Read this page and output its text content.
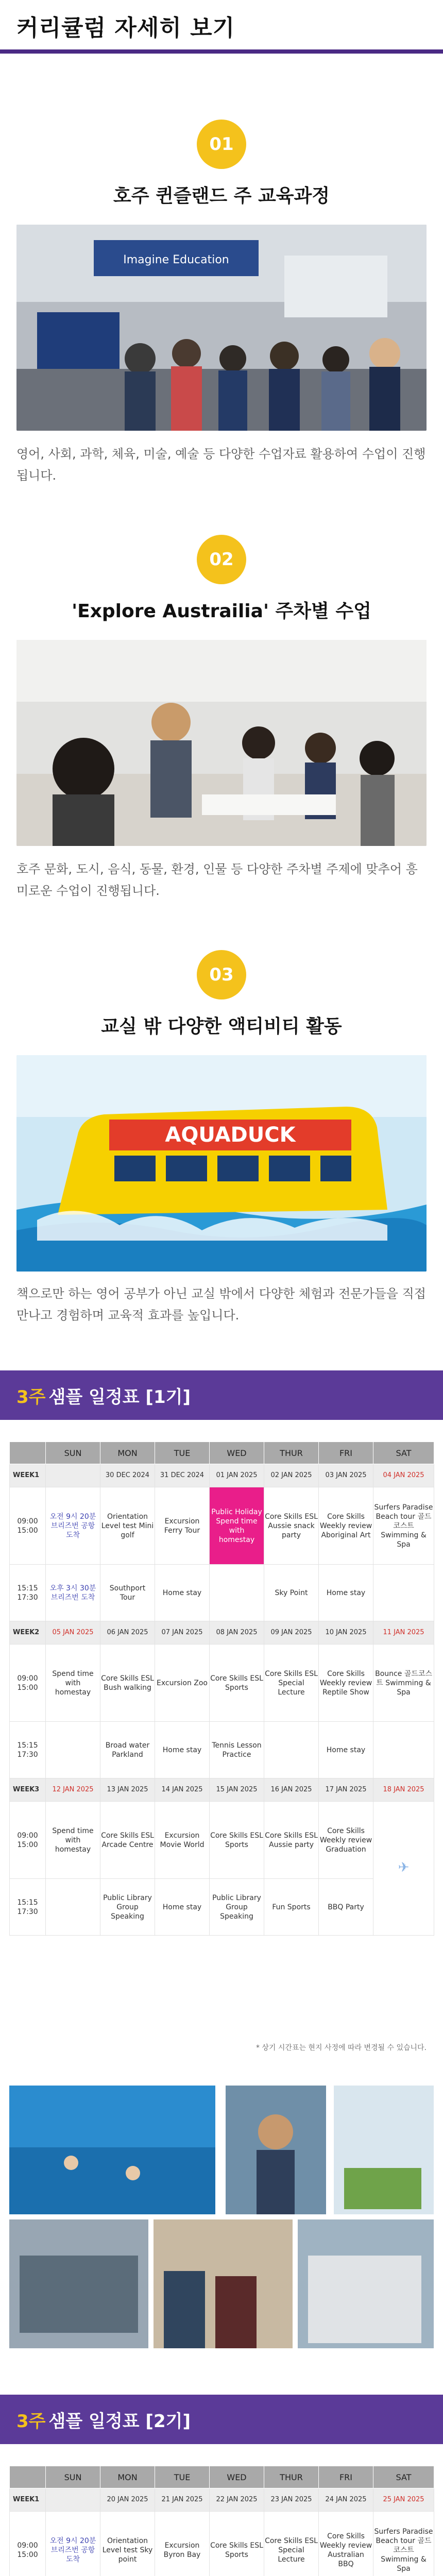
커리큘럼 자세히 보기
01
호주 퀸즐랜드 주 교육과정
Imagine Education
영어, 사회, 과학, 체육, 미술, 예술 등 다양한 수업자료 활용하여 수업이 진행됩니다.
02
'Explore Austrailia' 주차별 수업
호주 문화, 도시, 음식, 동물, 환경, 인물 등 다양한 주차별 주제에 맞추어 흥미로운 수업이 진행됩니다.
03
교실 밖 다양한 액티비티 활동
AQUADUCK
책으로만 하는 영어 공부가 아닌 교실 밖에서 다양한 체험과 전문가들을 직접 만나고 경험하며 교육적 효과를 높입니다.
3주 샘플 일정표 [1기]
	SUN	MON	TUE	WED	THUR	FRI	SAT
WEEK1		30 DEC 2024	31 DEC 2024	01 JAN 2025	02 JAN 2025	03 JAN 2025	04 JAN 2025
09:00 15:00	오전 9시 20분 브리즈번 공항 도착	Orientation Level test Mini golf	Excursion Ferry Tour	Public Holiday Spend time with homestay	Core Skills ESL Aussie snack party	Core Skills Weekly review Aboriginal Art	Surfers Paradise Beach tour 골드코스트 Swimming & Spa
15:15 17:30	오후 3시 30분 브리즈번 도착	Southport Tour	Home stay		Sky Point	Home stay	
WEEK2	05 JAN 2025	06 JAN 2025	07 JAN 2025	08 JAN 2025	09 JAN 2025	10 JAN 2025	11 JAN 2025
09:00 15:00	Spend time with homestay	Core Skills ESL Bush walking	Excursion Zoo	Core Skills ESL Sports	Core Skills ESL Special Lecture	Core Skills Weekly review Reptile Show	Bounce 골드코스트 Swimming & Spa
15:15 17:30		Broad water Parkland	Home stay	Tennis Lesson Practice		Home stay	
WEEK3	12 JAN 2025	13 JAN 2025	14 JAN 2025	15 JAN 2025	16 JAN 2025	17 JAN 2025	18 JAN 2025
09:00 15:00	Spend time with homestay	Core Skills ESL Arcade Centre	Excursion Movie World	Core Skills ESL Sports	Core Skills ESL Aussie party	Core Skills Weekly review Graduation	✈
15:15 17:30		Public Library Group Speaking	Home stay	Public Library Group Speaking	Fun Sports	BBQ Party	
* 상기 시간표는 현지 사정에 따라 변경될 수 있습니다.
3주 샘플 일정표 [2기]
	SUN	MON	TUE	WED	THUR	FRI	SAT
WEEK1		20 JAN 2025	21 JAN 2025	22 JAN 2025	23 JAN 2025	24 JAN 2025	25 JAN 2025
09:00 15:00	오전 9시 20분 브리즈번 공항 도착	Orientation Level test Sky point	Excursion Byron Bay	Core Skills ESL Sports	Core Skills ESL Special Lecture	Core Skills Weekly review Australian BBQ	Surfers Paradise Beach tour 골드코스트 Swimming & Spa
